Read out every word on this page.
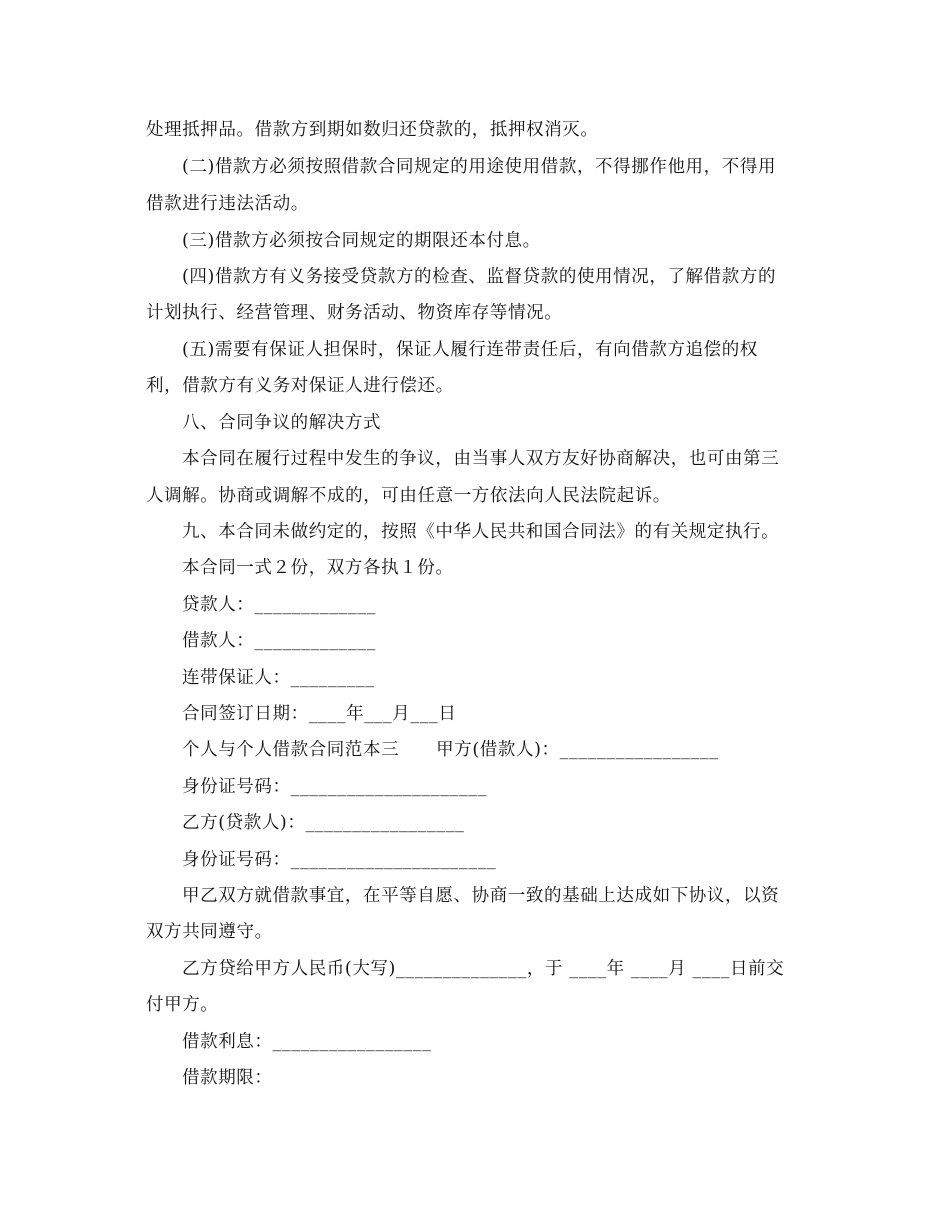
处理抵押品。借款方到期如数归还贷款的，抵押权消灭。
(二)借款方必须按照借款合同规定的用途使用借款，不得挪作他用，不得用
借款进行违法活动。
(三)借款方必须按合同规定的期限还本付息。
(四)借款方有义务接受贷款方的检查、监督贷款的使用情况，了解借款方的
计划执行、经营管理、财务活动、物资库存等情况。
(五)需要有保证人担保时，保证人履行连带责任后，有向借款方追偿的权
利，借款方有义务对保证人进行偿还。
八、合同争议的解决方式
本合同在履行过程中发生的争议，由当事人双方友好协商解决，也可由第三
人调解。协商或调解不成的，可由任意一方依法向人民法院起诉。
九、本合同未做约定的，按照《中华人民共和国合同法》的有关规定执行。
本合同一式２份，双方各执１份。
贷款人：_____________
借款人：_____________
连带保证人：_________
合同签订日期：____年___月___日
个人与个人借款合同范本三      甲方(借款人)：_________________
身份证号码：_____________________
乙方(贷款人)：_________________
身份证号码：______________________
甲乙双方就借款事宜，在平等自愿、协商一致的基础上达成如下协议，以资
双方共同遵守。
乙方贷给甲方人民币(大写)______________，于 ____年 ____月 ____日前交
付甲方。
借款利息：_________________
借款期限：
